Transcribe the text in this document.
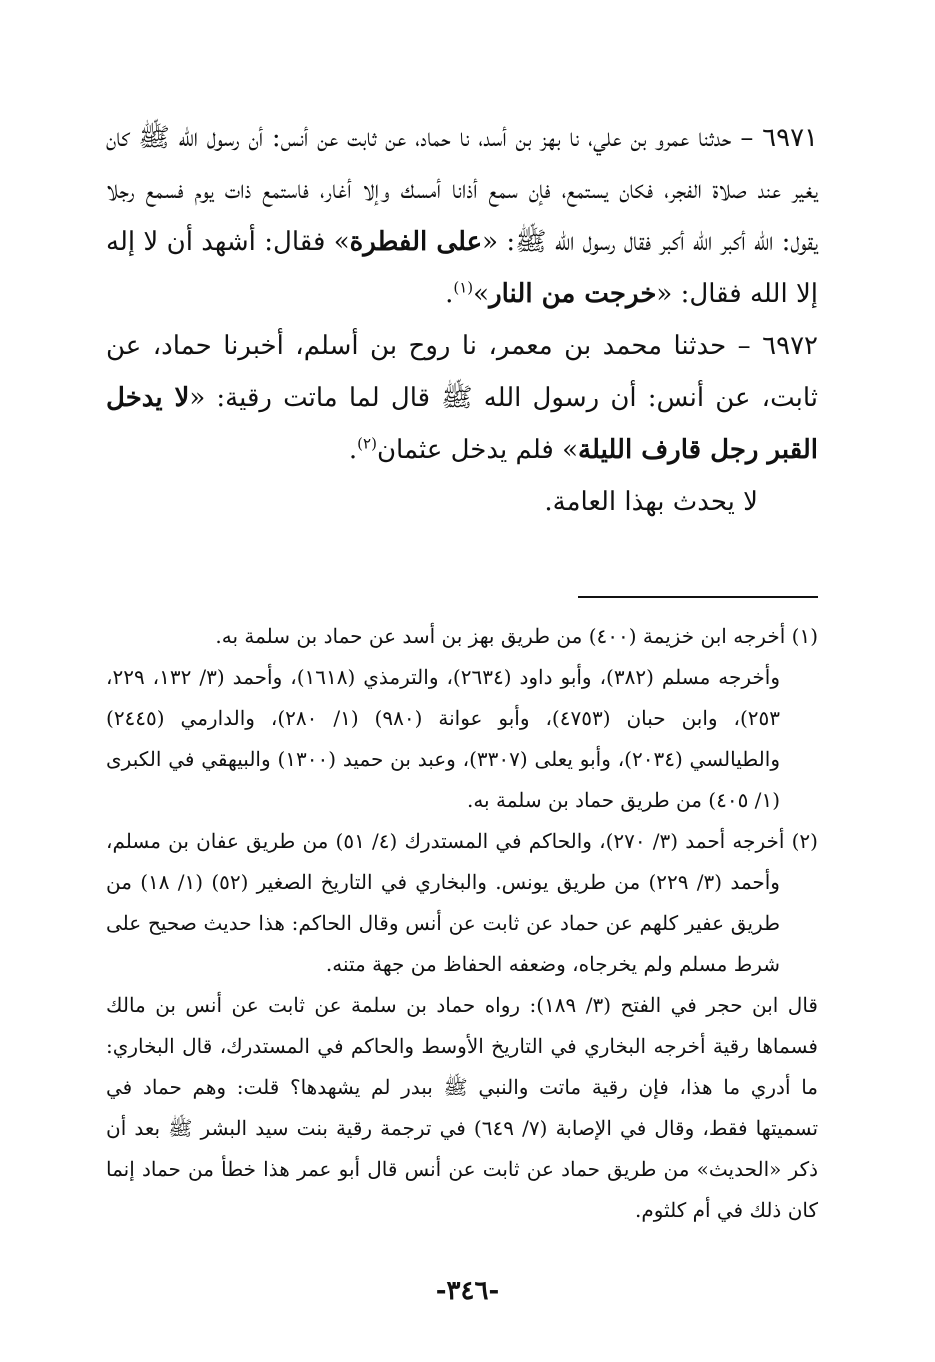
٦٩٧١ – حدثنا عمرو بن علي، نا بهز بن أسد، نا حماد، عن ثابت عن أنس: أن رسول الله ﷺ كان يغير عند صلاة الفجر، فكان يستمع، فإن سمع أذانا أمسك وإلا أغار، فاستمع ذات يوم فسمع رجلا يقول: الله أكبر الله أكبر فقال رسول الله ﷺ: «على الفطرة» فقال: أشهد أن لا إله إلا الله فقال: «خرجت من النار»$^{(١)}$.

٦٩٧٢ – حدثنا محمد بن معمر، نا روح بن أسلم، أخبرنا حماد، عن ثابت، عن أنس: أن رسول الله ﷺ قال لما ماتت رقية: «لا يدخل القبر رجل قارف الليلة» فلم يدخل عثمان$^{(٢)}$.

لا يحدث بهذا العامة.

(١) أخرجه ابن خزيمة (٤٠٠) من طريق بهز بن أسد عن حماد بن سلمة به.

وأخرجه مسلم (٣٨٢)، وأبو داود (٢٦٣٤)، والترمذي (١٦١٨)، وأحمد (٣/ ١٣٢، ٢٢٩، ٢٥٣)، وابن حبان (٤٧٥٣)، وأبو عوانة (٩٨٠) (١/ ٢٨٠)، والدارمي (٢٤٤٥) والطيالسي (٢٠٣٤)، وأبو يعلى (٣٣٠٧)، وعبد بن حميد (١٣٠٠) والبيهقي في الكبرى (١/ ٤٠٥) من طريق حماد بن سلمة به.

(٢) أخرجه أحمد (٣/ ٢٧٠)، والحاكم في المستدرك (٤/ ٥١) من طريق عفان بن مسلم، وأحمد (٣/ ٢٢٩) من طريق يونس. والبخاري في التاريخ الصغير (٥٢) (١/ ١٨) من طريق عفير كلهم عن حماد عن ثابت عن أنس وقال الحاكم: هذا حديث صحيح على شرط مسلم ولم يخرجاه، وضعفه الحفاظ من جهة متنه.

قال ابن حجر في الفتح (٣/ ١٨٩): رواه حماد بن سلمة عن ثابت عن أنس بن مالك فسماها رقية أخرجه البخاري في التاريخ الأوسط والحاكم في المستدرك، قال البخاري: ما أدري ما هذا، فإن رقية ماتت والنبي ﷺ ببدر لم يشهدها؟ قلت: وهم حماد في تسميتها فقط، وقال في الإصابة (٧/ ٦٤٩) في ترجمة رقية بنت سيد البشر ﷺ بعد أن ذكر «الحديث» من طريق حماد عن ثابت عن أنس قال أبو عمر هذا خطأ من حماد إنما كان ذلك في أم كلثوم.

-٣٤٦-
